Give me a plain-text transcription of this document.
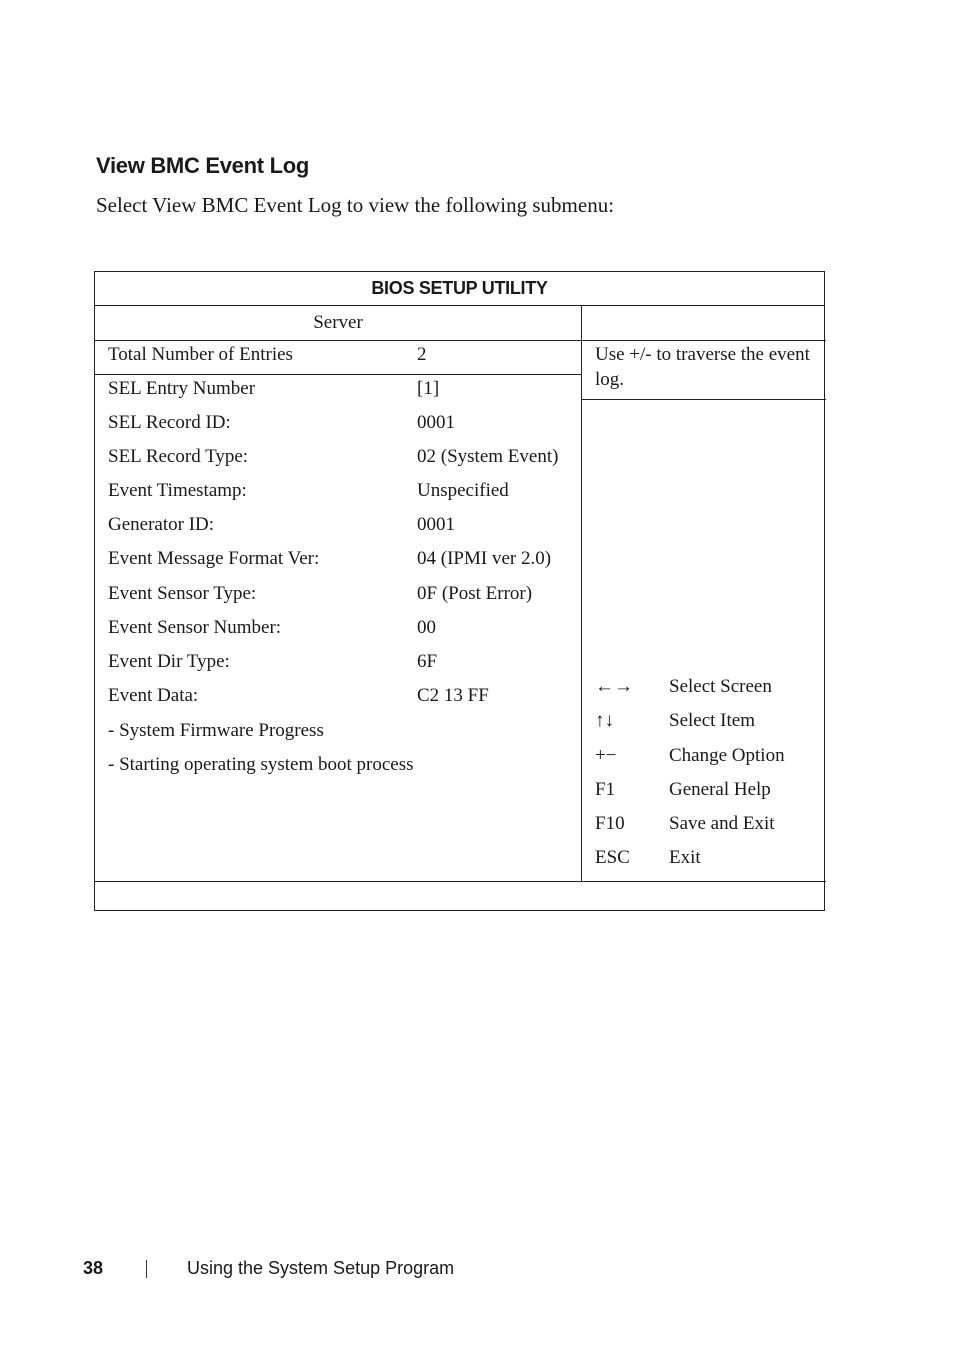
View BMC Event Log
Select View BMC Event Log to view the following submenu:
BIOS SETUP UTILITY
Server
Total Number of Entries	2
SEL Entry Number	[1]
SEL Record ID:	0001
SEL Record Type:	02 (System Event)
Event Timestamp:	Unspecified
Generator ID:	0001
Event Message Format Ver:	04 (IPMI ver 2.0)
Event Sensor Type:	0F (Post Error)
Event Sensor Number:	00
Event Dir Type:	6F
Event Data:	C2 13 FF
- System Firmware Progress
- Starting operating system boot process
Use +/- to traverse the event log.
←→ Select Screen
↑↓	Select Item
+−	Change Option
F1	General Help
F10 Save and Exit
ESC Exit
38	Using the System Setup Program
